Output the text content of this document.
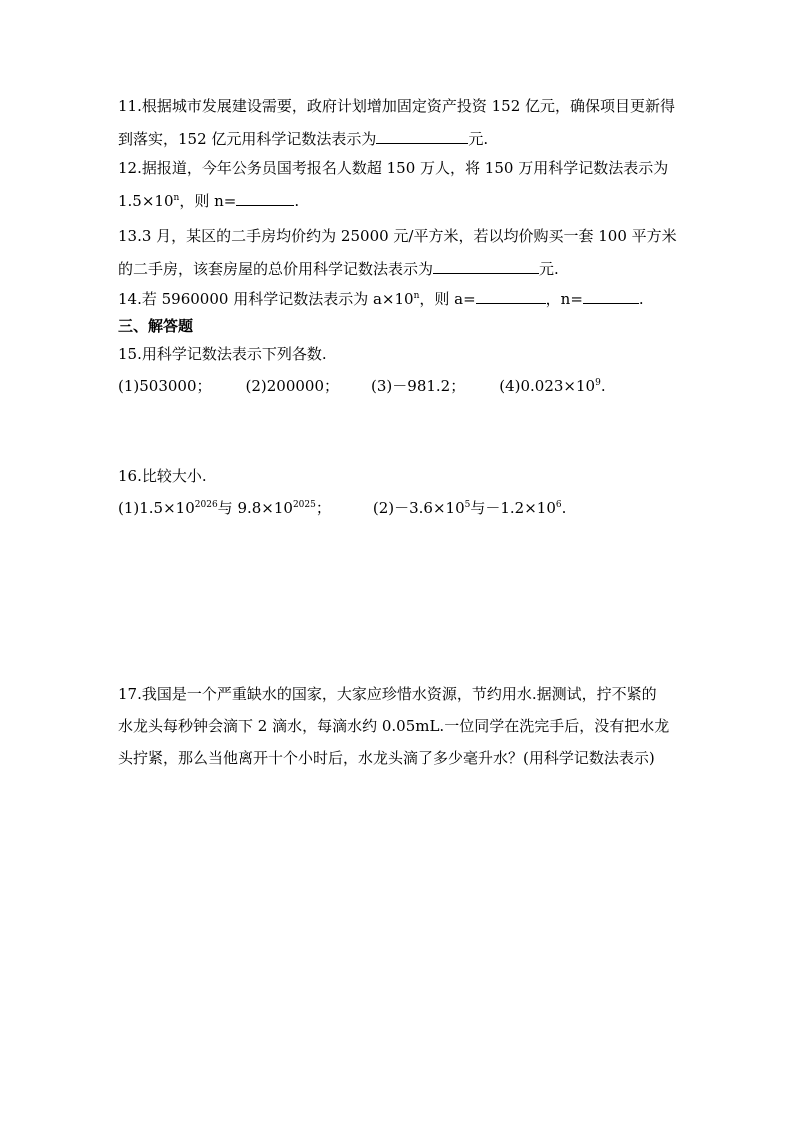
11.根据城市发展建设需要，政府计划增加固定资产投资 152 亿元，确保项目更新得
到落实，152 亿元用科学记数法表示为	元.
12.据报道，今年公务员国考报名人数超 150 万人，将 150 万用科学记数法表示为
$1.5\times 10^n$，则 n=	.
13.3 月，某区的二手房均价约为 25000 元/平方米，若以均价购买一套 100 平方米
的二手房，该套房屋的总价用科学记数法表示为	元.
14.若 5960000 用科学记数法表示为 $a\times 10^n$，则 a=	，n=	.
三、解答题
15.用科学记数法表示下列各数.
(1)503000； (2)200000； (3)－981.2； $(4)0.023\times 10^9$.
16.比较大小.
$(1)1.5\times 10^{2026}$与 $9.8\times 10^{2025}$；	$(2)-3.6\times 10^5$与$-1.2\times 10^6$.
17.我国是一个严重缺水的国家，大家应珍惜水资源，节约用水.据测试，拧不紧的
水龙头每秒钟会滴下 2 滴水，每滴水约 0.05mL.一位同学在洗完手后，没有把水龙
头拧紧，那么当他离开十个小时后，水龙头滴了多少毫升水？(用科学记数法表示)
